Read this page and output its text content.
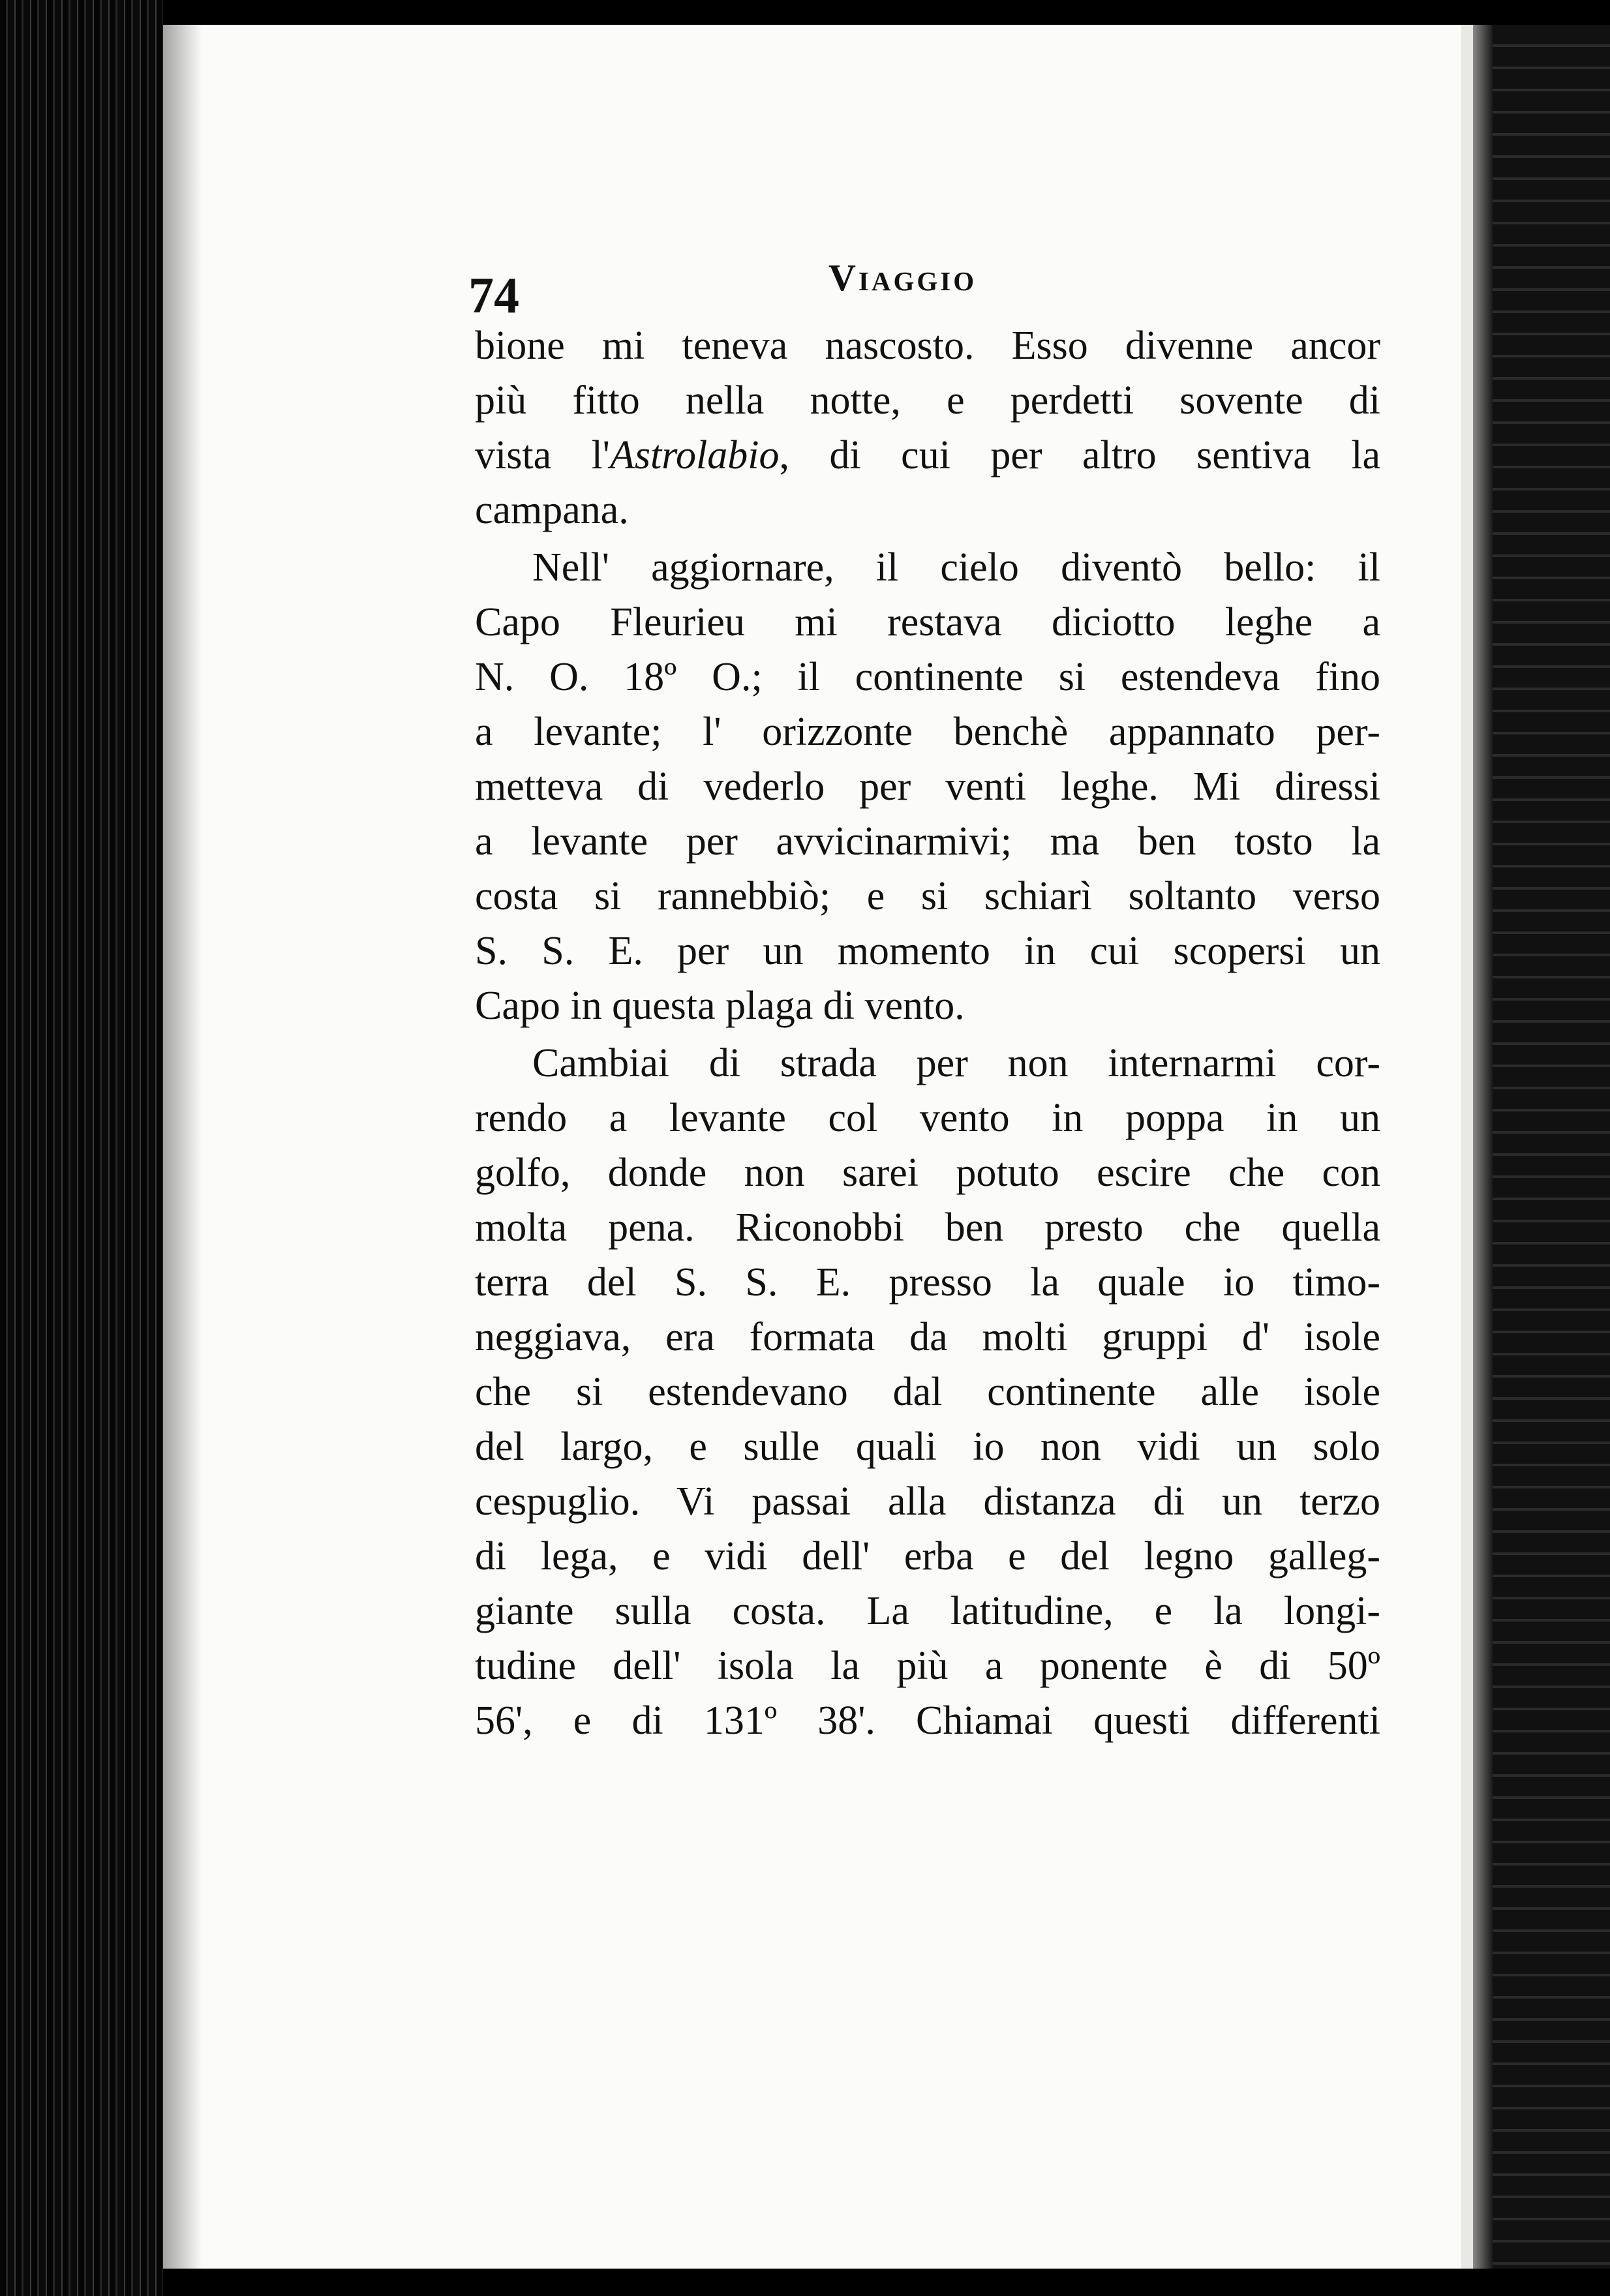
74	Viaggio
bione mi teneva nascosto. Esso divenne ancor
più fitto nella notte, e perdetti sovente di
vista l'Astrolabio, di cui per altro sentiva la
campana.
Nell' aggiornare, il cielo diventò bello: il
Capo Fleurieu mi restava diciotto leghe a
N. O. 18º O.; il continente si estendeva fino
a levante; l' orizzonte benchè appannato per-
metteva di vederlo per venti leghe. Mi diressi
a levante per avvicinarmivi; ma ben tosto la
costa si rannebbiò; e si schiarì soltanto verso
S. S. E. per un momento in cui scopersi un
Capo in questa plaga di vento.
Cambiai di strada per non internarmi cor-
rendo a levante col vento in poppa in un
golfo, donde non sarei potuto escire che con
molta pena. Riconobbi ben presto che quella
terra del S. S. E. presso la quale io timo-
neggiava, era formata da molti gruppi d' isole
che si estendevano dal continente alle isole
del largo, e sulle quali io non vidi un solo
cespuglio. Vi passai alla distanza di un terzo
di lega, e vidi dell' erba e del legno galleg-
giante sulla costa. La latitudine, e la longi-
tudine dell' isola la più a ponente è di 50º
56', e di 131º 38'. Chiamai questi differenti
